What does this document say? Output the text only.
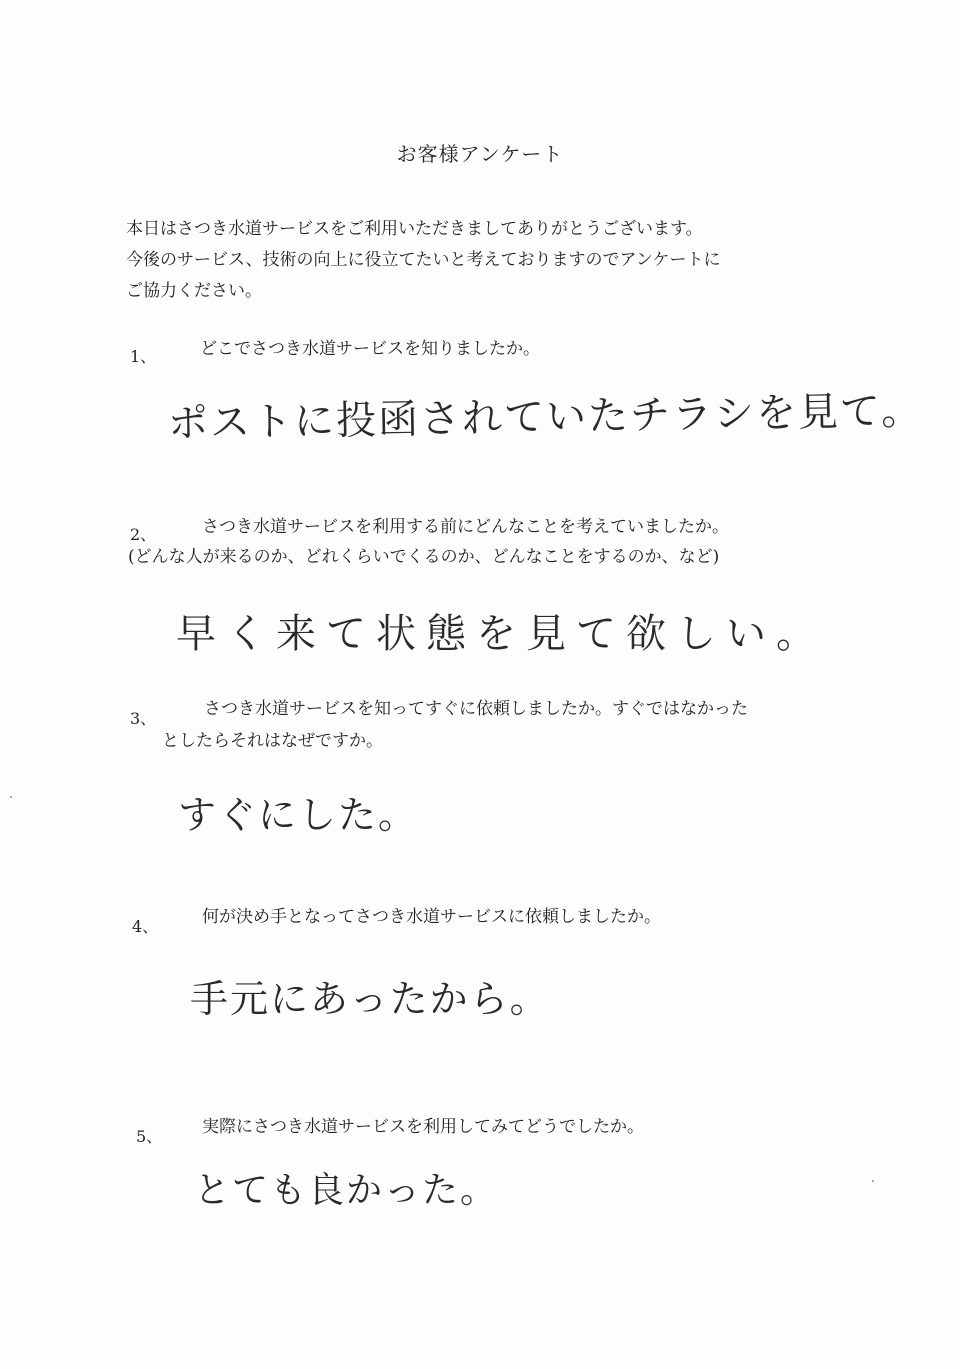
お客様アンケート
本日はさつき水道サービスをご利用いただきましてありがとうございます。
今後のサービス、技術の向上に役立てたいと考えておりますのでアンケートに
ご協力ください。
1、	どこでさつき水道サービスを知りましたか。
ポストに投函されていたチラシを見て。
2、	さつき水道サービスを利用する前にどんなことを考えていましたか。
(どんな人が来るのか、どれくらいでくるのか、どんなことをするのか、など)
早く来て状態を見て欲しい。
3、	さつき水道サービスを知ってすぐに依頼しましたか。すぐではなかった
としたらそれはなぜですか。
すぐにした。
4、	何が決め手となってさつき水道サービスに依頼しましたか。
手元にあったから。
5、 実際にさつき水道サービスを利用してみてどうでしたか。
とても良かった。
